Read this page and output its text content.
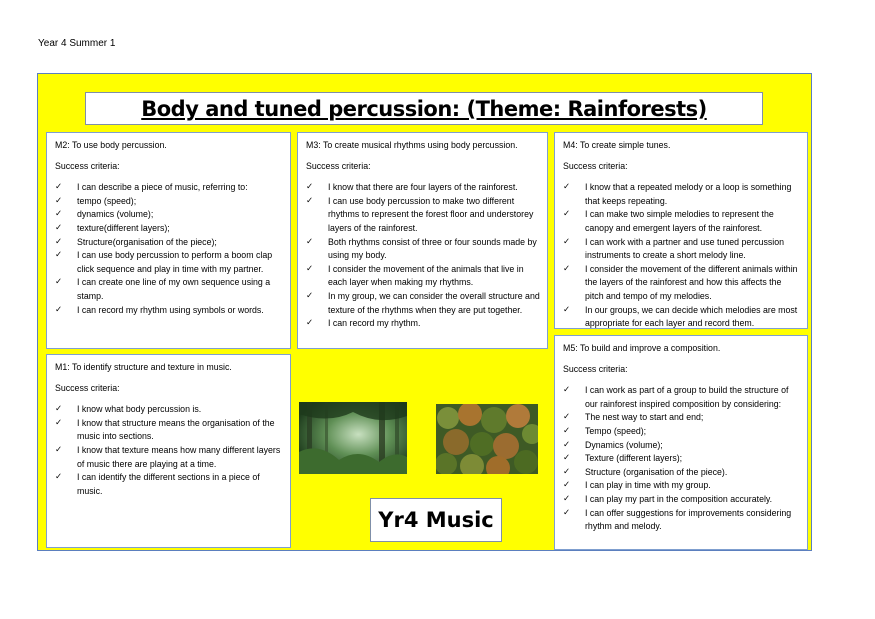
Year 4 Summer 1
Body and tuned percussion: (Theme: Rainforests)
M2: To use body percussion.
Success criteria:
✓ I can describe a piece of music, referring to:
✓ tempo (speed);
✓ dynamics (volume);
✓ texture(different layers);
✓ Structure(organisation of the piece);
✓ I can use body percussion to perform a boom clap click sequence and play in time with my partner.
✓ I can create one line of my own sequence using a stamp.
✓ I can record my rhythm using symbols or words.
M3: To create musical rhythms using body percussion.
Success criteria:
✓ I know that there are four layers of the rainforest.
✓ I can use body percussion to make two different rhythms to represent the forest floor and understorey layers of the rainforest.
✓ Both rhythms consist of three or four sounds made by using my body.
✓ I consider the movement of the animals that live in each layer when making my rhythms.
✓ In my group, we can consider the overall structure and texture of the rhythms when they are put together.
✓ I can record my rhythm.
M4: To create simple tunes.
Success criteria:
✓ I know that a repeated melody or a loop is something that keeps repeating.
✓ I can make two simple melodies to represent the canopy and emergent layers of the rainforest.
✓ I can work with a partner and use tuned percussion instruments to create a short melody line.
✓ I consider the movement of the different animals within the layers of the rainforest and how this affects the pitch and tempo of my melodies.
✓ In our groups, we can decide which melodies are most appropriate for each layer and record them.
M1: To identify structure and texture in music.
Success criteria:
✓ I know what body percussion is.
✓ I know that structure means the organisation of the music into sections.
✓ I know that texture means how many different layers of music there are playing at a time.
✓ I can identify the different sections in a piece of music.
M5: To build and improve a composition.
Success criteria:
✓ I can work as part of a group to build the structure of our rainforest inspired composition by considering:
✓ The nest way to start and end;
✓ Tempo (speed);
✓ Dynamics (volume);
✓ Texture (different layers);
✓ Structure (organisation of the piece).
✓ I can play in time with my group.
✓ I can play my part in the composition accurately.
✓ I can offer suggestions for improvements considering rhythm and melody.
Yr4 Music
